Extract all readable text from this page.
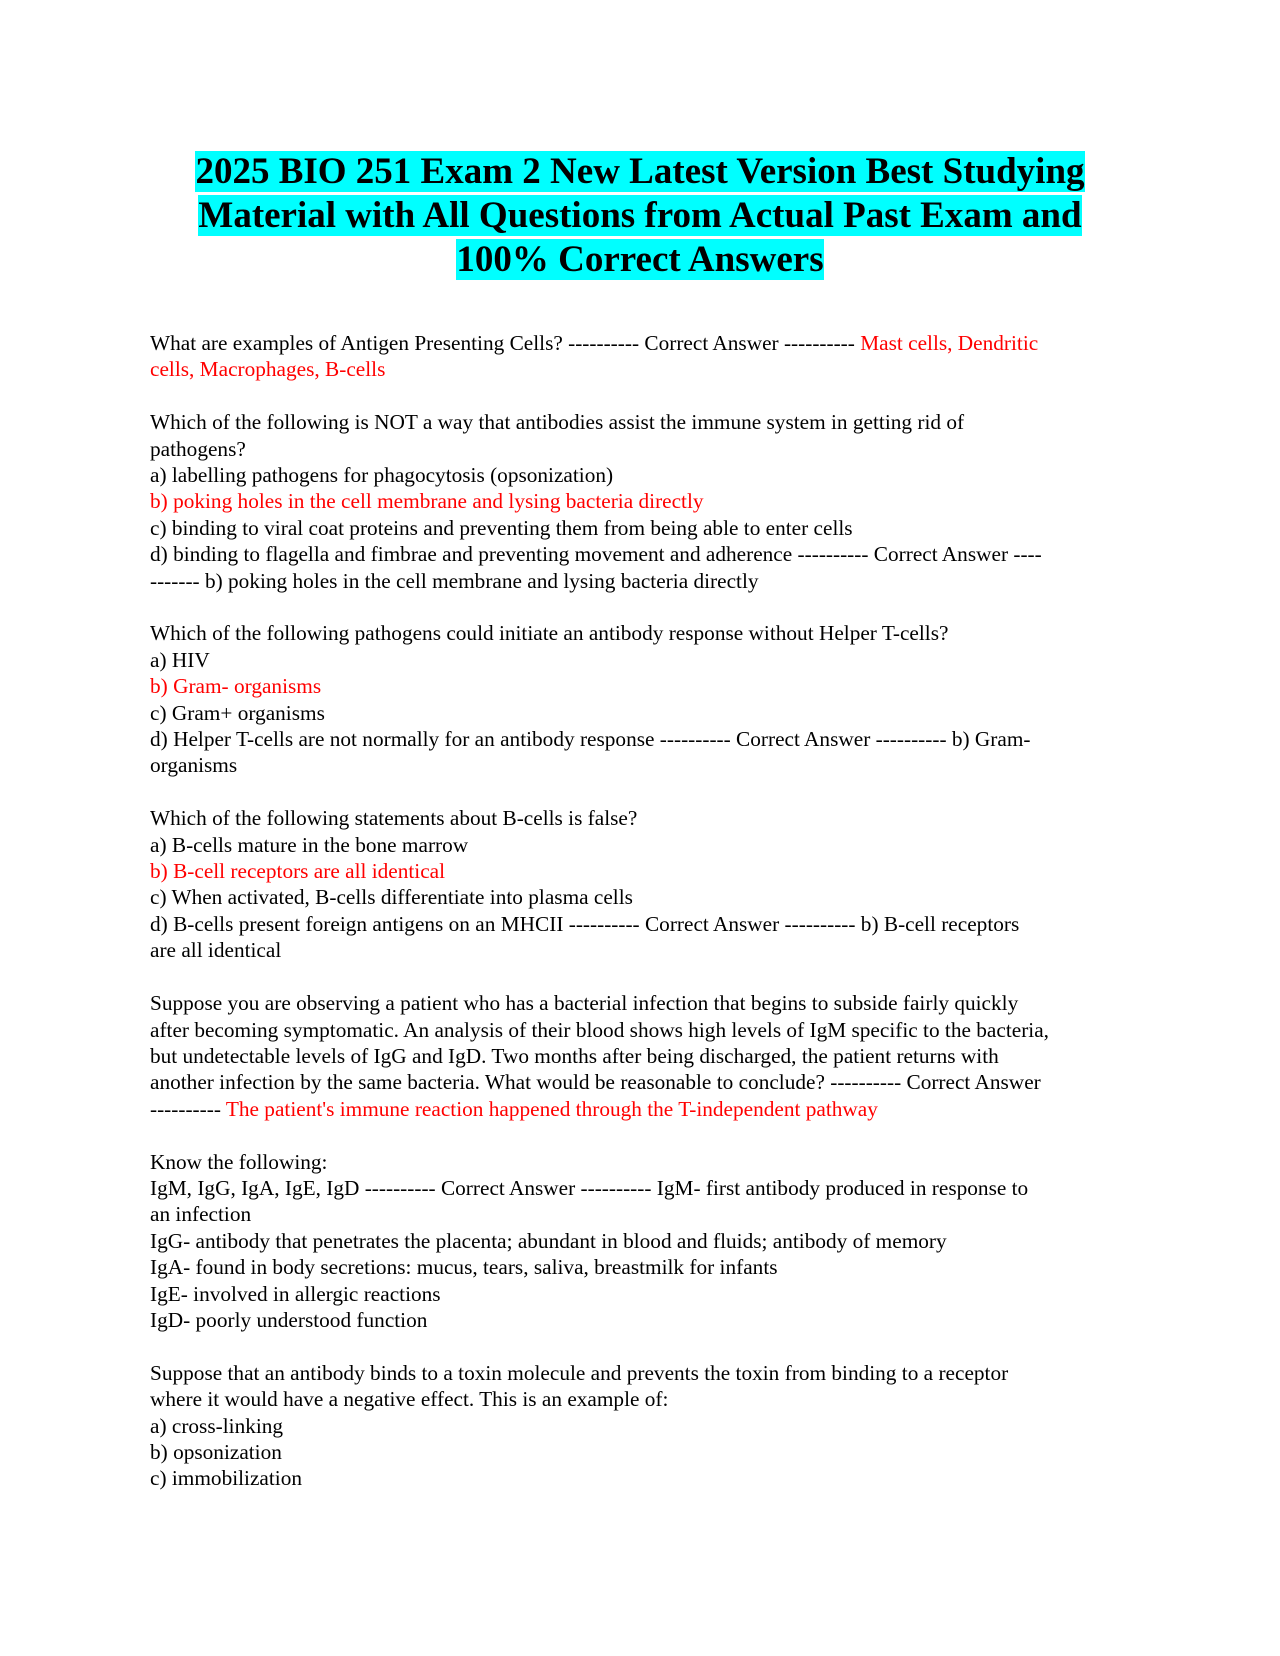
2025 BIO 251 Exam 2 New Latest Version Best Studying
Material with All Questions from Actual Past Exam and
100% Correct Answers
What are examples of Antigen Presenting Cells? ---------- Correct Answer ---------- Mast cells, Dendritic
cells, Macrophages, B-cells
Which of the following is NOT a way that antibodies assist the immune system in getting rid of
pathogens?
a) labelling pathogens for phagocytosis (opsonization)
b) poking holes in the cell membrane and lysing bacteria directly
c) binding to viral coat proteins and preventing them from being able to enter cells
d) binding to flagella and fimbrae and preventing movement and adherence ---------- Correct Answer ----
------- b) poking holes in the cell membrane and lysing bacteria directly
Which of the following pathogens could initiate an antibody response without Helper T-cells?
a) HIV
b) Gram- organisms
c) Gram+ organisms
d) Helper T-cells are not normally for an antibody response ---------- Correct Answer ---------- b) Gram-
organisms
Which of the following statements about B-cells is false?
a) B-cells mature in the bone marrow
b) B-cell receptors are all identical
c) When activated, B-cells differentiate into plasma cells
d) B-cells present foreign antigens on an MHCII ---------- Correct Answer ---------- b) B-cell receptors
are all identical
Suppose you are observing a patient who has a bacterial infection that begins to subside fairly quickly
after becoming symptomatic. An analysis of their blood shows high levels of IgM specific to the bacteria,
but undetectable levels of IgG and IgD. Two months after being discharged, the patient returns with
another infection by the same bacteria. What would be reasonable to conclude? ---------- Correct Answer
---------- The patient's immune reaction happened through the T-independent pathway
Know the following:
IgM, IgG, IgA, IgE, IgD ---------- Correct Answer ---------- IgM- first antibody produced in response to
an infection
IgG- antibody that penetrates the placenta; abundant in blood and fluids; antibody of memory
IgA- found in body secretions: mucus, tears, saliva, breastmilk for infants
IgE- involved in allergic reactions
IgD- poorly understood function
Suppose that an antibody binds to a toxin molecule and prevents the toxin from binding to a receptor
where it would have a negative effect. This is an example of:
a) cross-linking
b) opsonization
c) immobilization
